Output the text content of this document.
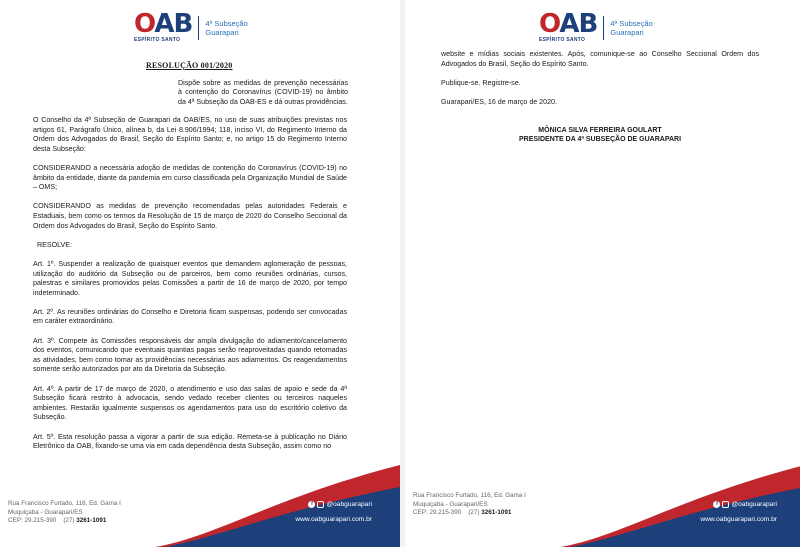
OAB
ESPÍRITO SANTO
4ª Subseção
Guarapari
RESOLUÇÃO 001/2020
Dispõe sobre as medidas de prevenção necessárias à contenção do Coronavírus (COVID-19) no âmbito da 4ª Subseção da OAB-ES e dá outras providências.

O Conselho da 4ª Subseção de Guarapari da OAB/ES, no uso de suas atribuições previstas nos artigos 61, Parágrafo Único, alínea b, da Lei 8.906/1994; 118, inciso VI, do Regimento Interno da Ordem dos Advogados do Brasil, Seção do Espírito Santo; e, no artigo 15 do Regimento Interno desta Subseção:

CONSIDERANDO a necessária adoção de medidas de contenção do Coronavírus (COVID-19) no âmbito da entidade, diante da pandemia em curso classificada pela Organização Mundial de Saúde – OMS;

CONSIDERANDO as medidas de prevenção recomendadas pelas autoridades Federais e Estaduais, bem como os termos da Resolução de 15 de março de 2020 do Conselho Seccional da Ordem dos Advogados do Brasil, Seção do Espírito Santo.

RESOLVE:

Art. 1º. Suspender a realização de quaisquer eventos que demandem aglomeração de pessoas, utilização do auditório da Subseção ou de parceiros, bem como reuniões ordinárias, cursos, palestras e similares promovidos pelas Comissões a partir de 16 de março de 2020, por tempo indeterminado.

Art. 2º. As reuniões ordinárias do Conselho e Diretoria ficam suspensas, podendo ser convocadas em caráter extraordinário.

Art. 3º. Compete às Comissões responsáveis dar ampla divulgação do adiamento/cancelamento dos eventos, comunicando que eventuais quantias pagas serão reaproveitadas quando retomadas as atividades, bem como tomar as providências necessárias aos adiamentos. Os reagendamentos somente serão autorizados por ato da Diretoria da Subseção.

Art. 4º. A partir de 17 de março de 2020, o atendimento e uso das salas de apoio e sede da 4ª Subseção ficará restrito à advocacia, sendo vedado receber clientes ou terceiros naqueles ambientes. Restarão igualmente suspensos os agendamentos para uso do escritório coletivo da Subseção.

Art. 5º. Esta resolução passa a vigorar a partir de sua edição. Remeta-se à publicação no Diário Eletrônico da OAB, fixando-se uma via em cada dependência desta Subseção, assim como no

f	@oabguarapari
www.oabguarapari.com.br
Rua Francisco Furtado, 116, Ed. Gama I
Muquiçaba - Guarapari/ES
CEP: 29.215-390 (27) 3261-1091
OAB
ESPÍRITO SANTO
4ª Subseção
Guarapari

website e mídias sociais existentes. Após, comunique-se ao Conselho Seccional Ordem dos Advogados do Brasil, Seção do Espírito Santo.

Publique-se. Registre-se.

Guarapari/ES, 16 de março de 2020.

MÔNICA SILVA FERREIRA GOULART
PRESIDENTE DA 4ª SUBSEÇÃO DE GUARAPARI
f	@oabguarapari
www.oabguarapari.com.br
Rua Francisco Furtado, 116, Ed. Gama I
Muquiçaba - Guarapari/ES
CEP: 29.215-390 (27) 3261-1091
